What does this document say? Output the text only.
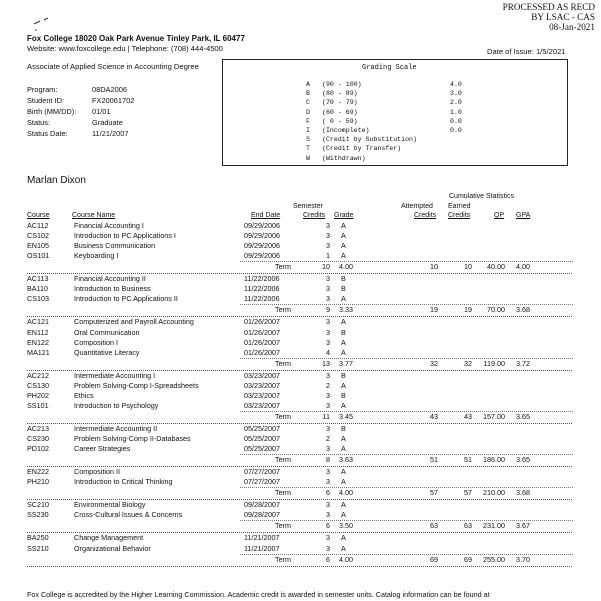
PROCESSED AS RECD
BY LSAC - CAS
08-Jan-2021
Fox College 18020 Oak Park Avenue Tinley Park, IL 60477
Website: www.foxcollege.edu | Telephone: (708) 444-4500	Date of Issue: 1/5/2021
Associate of Applied Science in Accounting Degree
Program:	08DA2006
Student ID:	FX20061702
Birth (MM/DD): 01/01
Status:	Graduate
Status Date:	11/21/2007
Grading Scale
A (90 - 100)	4.0
B (80 - 89)	3.0
C (70 - 79)	2.0
D (60 - 69)	1.0
F ( 0 - 59)	0.0
I (Incomplete)	0.0
S (Credit by Substitution)
T (Credit by Transfer)
W (Withdrawn)
Marlan Dixon
Cumulative Statistics
Semester	Attempted Earned
Course	Course Name	End Date	Credits Grade	Credits Credits	QP GPA
AC112	Financial Accounting I	09/29/2006	3 A
CS102	Introduction to PC Applications I	09/29/2006	3 A
EN105	Business Communication	09/29/2006	3 A
OS101	Keyboarding I	09/29/2006	1 A
Term	10 4.00	10	10	40.00 4.00
AC113	Financial Accounting II	11/22/2006	3 B
BA110	Introduction to Business	11/22/2006	3 B
CS103	Introduction to PC Applications II	11/22/2006	3 A
Term	9 3.33	19	19	70.00 3.68
AC121	Computerized and Payroll Accounting	01/26/2007	3 A
EN112	Oral Communication	01/26/2007	3 B
EN122	Composition I	01/26/2007	3 A
MA121	Quantitative Literacy	01/26/2007	4 A
Term	13 3.77	32	32	119.00 3.72
AC212	Intermediate Accounting I	03/23/2007	3 B
CS130	Problem Solving-Comp I-Spreadsheets	03/23/2007	2 A
PH202	Ethics	03/23/2007	3 B
SS101	Introduction to Psychology	03/23/2007	3 A
Term	11 3.45	43	43	157.00 3.65
AC213	Intermediate Accounting II	05/25/2007	3 B
CS230	Problem Solving-Comp II-Databases	05/25/2007	2 A
PD102	Career Strategies	05/25/2007	3 A
Term	8 3.63	51	51	186.00 3.65
EN222	Composition II	07/27/2007	3 A
PH210	Introduction to Critical Thinking	07/27/2007	3 A
Term	6 4.00	57	57	210.00 3.68
SC210	Environmental Biology	09/28/2007	3 A
SS230	Cross-Cultural Issues & Concerns	09/28/2007	3 A
Term	6 3.50	63	63	231.00 3.67
BA250	Change Management	11/21/2007	3 A
SS210	Organizational Behavior	11/21/2007	3 A
Term	6 4.00	69	69	255.00 3.70
Fox College is accredited by the Higher Learning Commission. Academic credit is awarded in semester units. Catalog information can be found at
